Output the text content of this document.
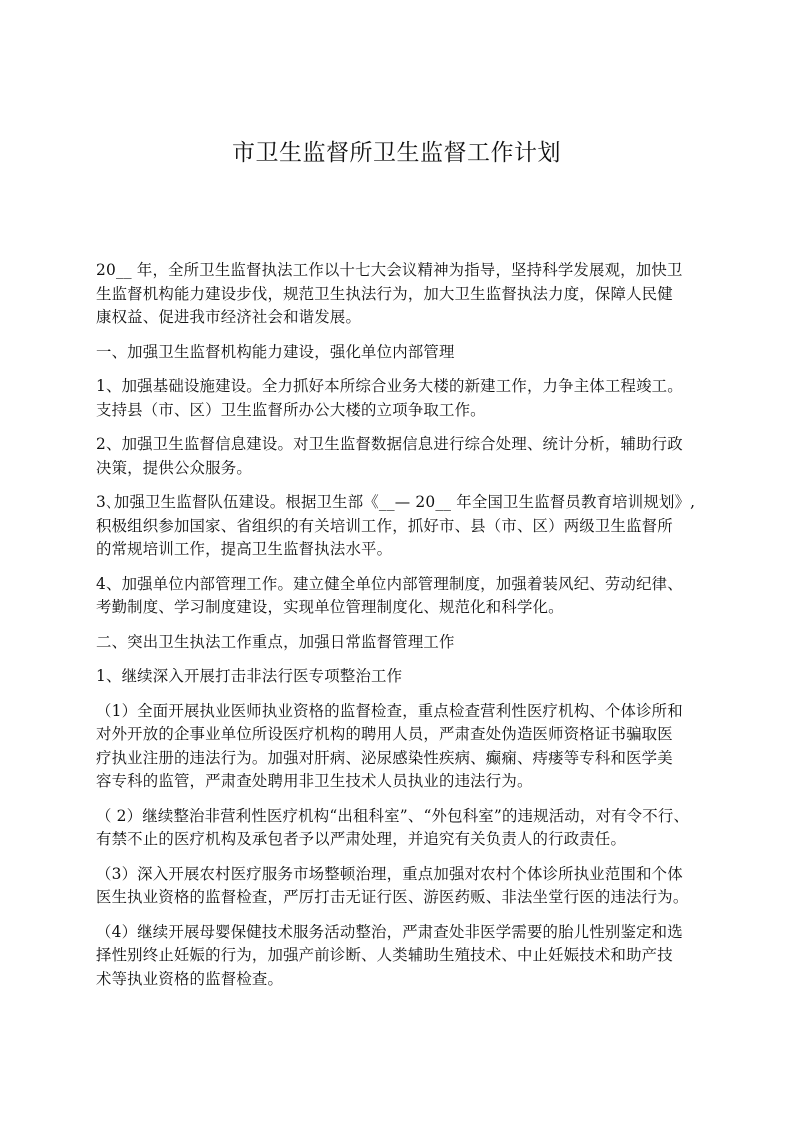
市卫生监督所卫生监督工作计划

20__ 年，全所卫生监督执法工作以十七大会议精神为指导，坚持科学发展观，加快卫
生监督机构能力建设步伐，规范卫生执法行为，加大卫生监督执法力度，保障人民健
康权益、促进我市经济社会和谐发展。

一、加强卫生监督机构能力建设，强化单位内部管理

1、加强基础设施建设。全力抓好本所综合业务大楼的新建工作，力争主体工程竣工。
支持县（市、区）卫生监督所办公大楼的立项争取工作。

2、加强卫生监督信息建设。对卫生监督数据信息进行综合处理、统计分析，辅助行政
决策，提供公众服务。

3､加强卫生监督队伍建设。根据卫生部《__— 20__ 年全国卫生监督员教育培训规划》,
积极组织参加国家、省组织的有关培训工作，抓好市、县（市、区）两级卫生监督所
的常规培训工作，提高卫生监督执法水平。

4、加强单位内部管理工作。建立健全单位内部管理制度，加强着装风纪、劳动纪律、
考勤制度、学习制度建设，实现单位管理制度化、规范化和科学化。

二、突出卫生执法工作重点，加强日常监督管理工作

1、继续深入开展打击非法行医专项整治工作

（1）全面开展执业医师执业资格的监督检查，重点检查营利性医疗机构、个体诊所和
对外开放的企事业单位所设医疗机构的聘用人员，严肃查处伪造医师资格证书骗取医
疗执业注册的违法行为。加强对肝病、泌尿感染性疾病、癫痫、痔瘘等专科和医学美
容专科的监管，严肃查处聘用非卫生技术人员执业的违法行为。

（ 2）继续整治非营利性医疗机构“出租科室”、“外包科室”的违规活动，对有令不行、
有禁不止的医疗机构及承包者予以严肃处理，并追究有关负责人的行政责任。

（3）深入开展农村医疗服务市场整顿治理，重点加强对农村个体诊所执业范围和个体
医生执业资格的监督检查，严厉打击无证行医、游医药贩、非法坐堂行医的违法行为。

（4）继续开展母婴保健技术服务活动整治，严肃查处非医学需要的胎儿性别鉴定和选
择性别终止妊娠的行为，加强产前诊断、人类辅助生殖技术、中止妊娠技术和助产技
术等执业资格的监督检查。
